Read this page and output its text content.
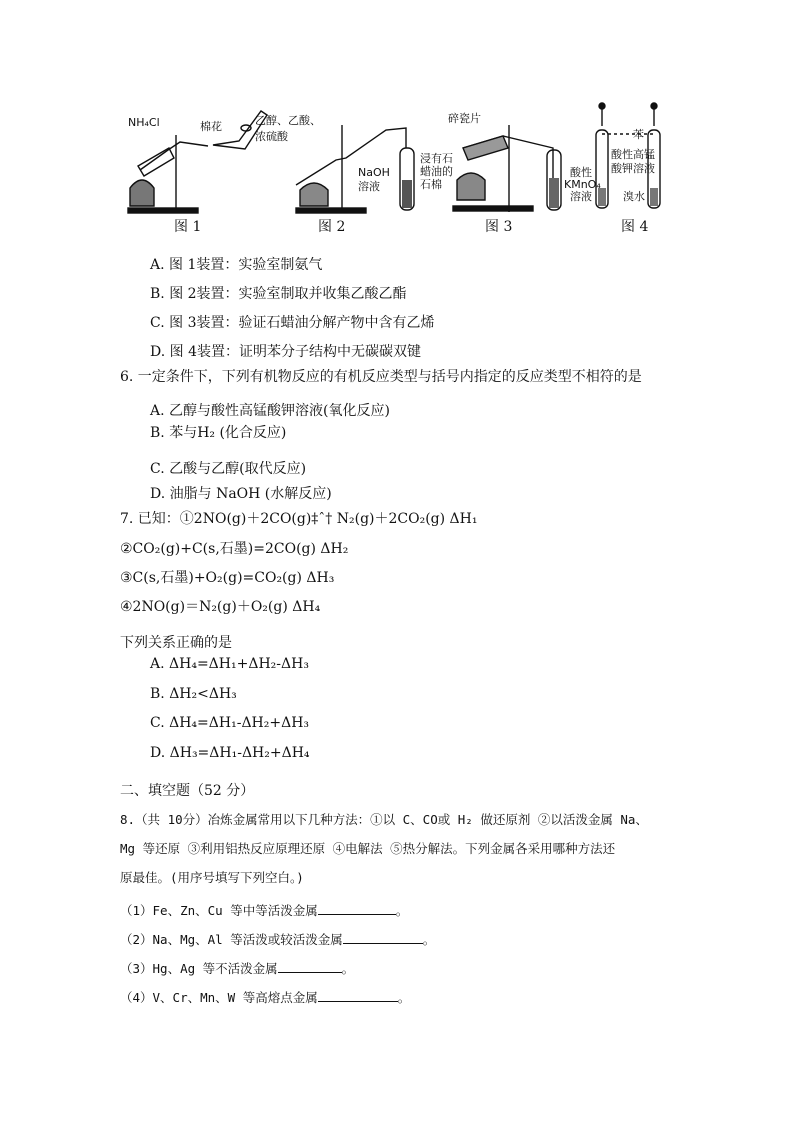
NH₄Cl	棉花	乙醇、乙酸、
浓硫酸
NaOH
溶液
碎瓷片
浸有石
蜡油的
石棉
酸性
KMnO₄
溶液
苯
酸性高锰
酸钾溶液
溴水
图 1	图 2	图 3	图 4
A. 图 1装置：实验室制氨气
B. 图 2装置：实验室制取并收集乙酸乙酯
C. 图 3装置：验证石蜡油分解产物中含有乙烯
D. 图 4装置：证明苯分子结构中无碳碳双键
6. 一定条件下，下列有机物反应的有机反应类型与括号内指定的反应类型不相符的是
A. 乙醇与酸性高锰酸钾溶液(氧化反应)
B. 苯与H₂ (化合反应)
C. 乙酸与乙醇(取代反应)
D. 油脂与 NaOH (水解反应)
7. 已知：①2NO(g)＋2CO(g)‡ˆ† N₂(g)＋2CO₂(g) ΔH₁
②CO₂(g)+C(s,石墨)=2CO(g) ΔH₂
③C(s,石墨)+O₂(g)=CO₂(g) ΔH₃
④2NO(g)＝N₂(g)＋O₂(g) ΔH₄
下列关系正确的是
A. ΔH₄=ΔH₁+ΔH₂-ΔH₃
B. ΔH₂<ΔH₃
C. ΔH₄=ΔH₁-ΔH₂+ΔH₃
D. ΔH₃=ΔH₁-ΔH₂+ΔH₄
二、填空题（52 分）
8.（共 10分）冶炼金属常用以下几种方法：①以 C、CO或 H₂ 做还原剂 ②以活泼金属 Na、
Mg 等还原 ③利用铝热反应原理还原 ④电解法 ⑤热分解法。下列金属各采用哪种方法还
原最佳。(用序号填写下列空白。)
（1）Fe、Zn、Cu 等中等活泼金属	。
（2）Na、Mg、Al 等活泼或较活泼金属	。
（3）Hg、Ag 等不活泼金属	。
（4）V、Cr、Mn、W 等高熔点金属	。
